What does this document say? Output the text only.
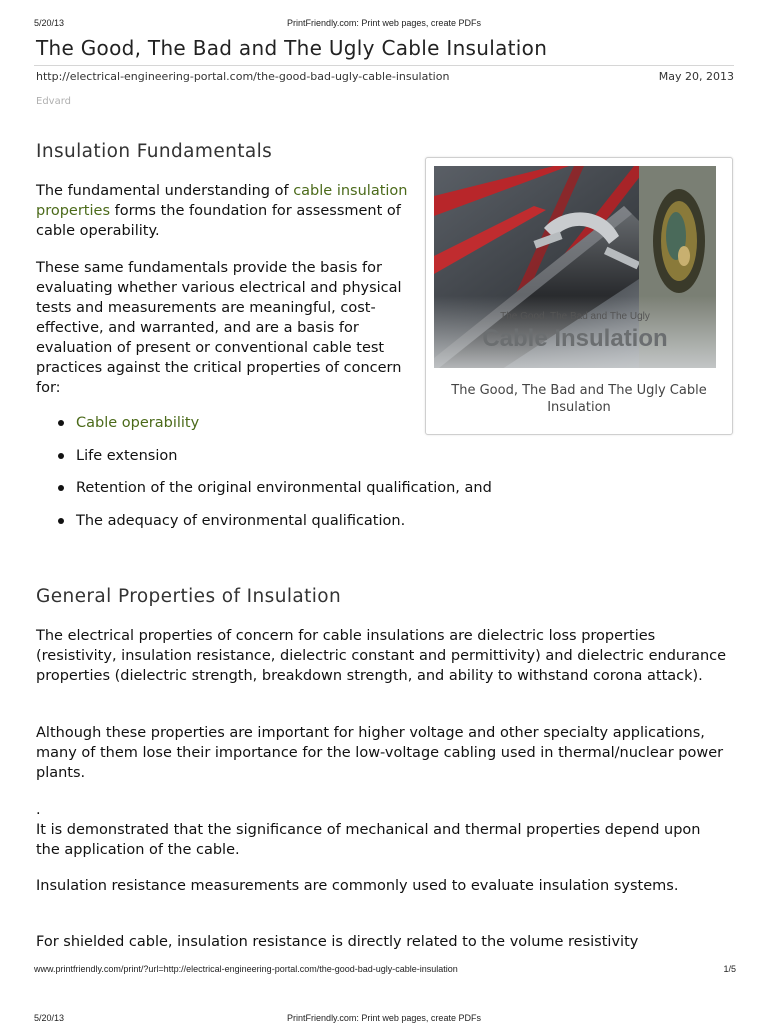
5/20/13	PrintFriendly.com: Print web pages, create PDFs
The Good, The Bad and The Ugly Cable Insulation
http://electrical-engineering-portal.com/the-good-bad-ugly-cable-insulation	May 20, 2013
Edvard
Insulation Fundamentals

The fundamental understanding of cable insulation properties forms the foundation for assessment of cable operability.

These same fundamentals provide the basis for evaluating whether various electrical and physical tests and measurements are meaningful, cost-effective, and warranted, and are a basis for evaluation of present or conventional cable test practices against the critical properties of concern for:

The Good, The Bad and The Ugly
Cable Insulation
The Good, The Bad and The Ugly Cable Insulation
Cable operability
Life extension
Retention of the original environmental qualification, and
The adequacy of environmental qualification.
General Properties of Insulation

The electrical properties of concern for cable insulations are dielectric loss properties (resistivity, insulation resistance, dielectric constant and permittivity) and dielectric endurance properties (dielectric strength, breakdown strength, and ability to withstand corona attack).

Although these properties are important for higher voltage and other specialty applications, many of them lose their importance for the low-voltage cabling used in thermal/nuclear power plants.

.

It is demonstrated that the significance of mechanical and thermal properties depend upon the application of the cable.

Insulation resistance measurements are commonly used to evaluate insulation systems.

For shielded cable, insulation resistance is directly related to the volume resistivity

www.printfriendly.com/print/?url=http://electrical-engineering-portal.com/the-good-bad-ugly-cable-insulation	1/5
5/20/13	PrintFriendly.com: Print web pages, create PDFs
